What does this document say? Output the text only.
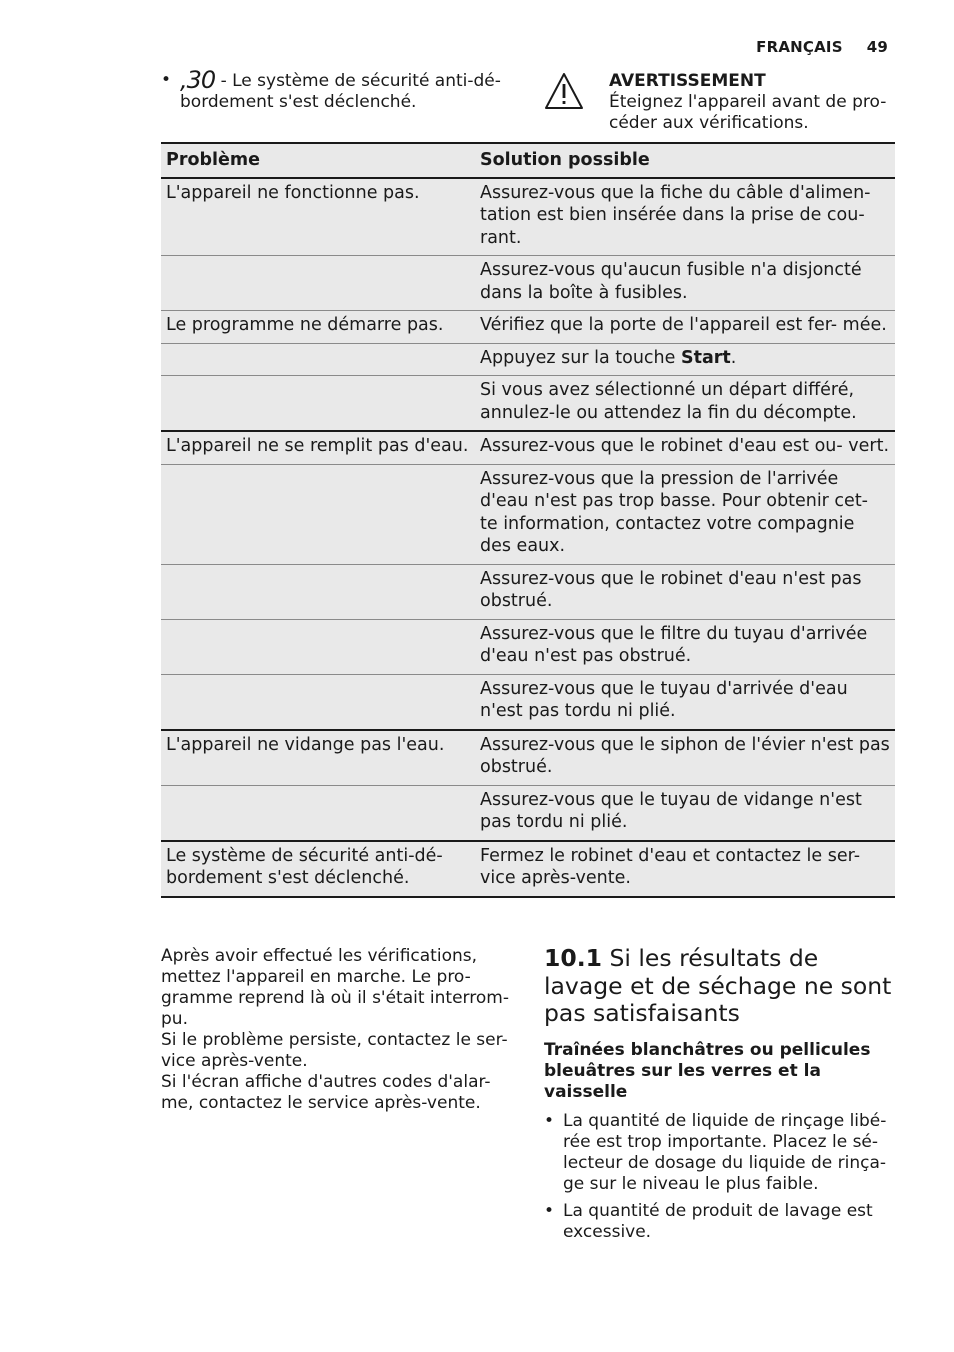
FRANÇAIS 49
• ,30 - Le système de sécurité anti-dé- bordement s'est déclenché.
AVERTISSEMENT
Éteignez l'appareil avant de pro- céder aux vérifications.
Problème	Solution possible
L'appareil ne fonctionne pas.	Assurez-vous que la fiche du câble d'alimen- tation est bien insérée dans la prise de cou- rant.
	Assurez-vous qu'aucun fusible n'a disjoncté dans la boîte à fusibles.
Le programme ne démarre pas.	Vérifiez que la porte de l'appareil est fer- mée.
	Appuyez sur la touche Start.
	Si vous avez sélectionné un départ différé, annulez-le ou attendez la fin du décompte.
L'appareil ne se remplit pas d'eau.	Assurez-vous que le robinet d'eau est ou- vert.
	Assurez-vous que la pression de l'arrivée d'eau n'est pas trop basse. Pour obtenir cet- te information, contactez votre compagnie des eaux.
	Assurez-vous que le robinet d'eau n'est pas obstrué.
	Assurez-vous que le filtre du tuyau d'arrivée d'eau n'est pas obstrué.
	Assurez-vous que le tuyau d'arrivée d'eau n'est pas tordu ni plié.
L'appareil ne vidange pas l'eau.	Assurez-vous que le siphon de l'évier n'est pas obstrué.
	Assurez-vous que le tuyau de vidange n'est pas tordu ni plié.
Le système de sécurité anti-dé- bordement s'est déclenché.	Fermez le robinet d'eau et contactez le ser- vice après-vente.

Après avoir effectué les vérifications, mettez l'appareil en marche. Le pro- gramme reprend là où il s'était interrom- pu.

Si le problème persiste, contactez le ser- vice après-vente.

Si l'écran affiche d'autres codes d'alar- me, contactez le service après-vente.

10.1 Si les résultats de lavage et de séchage ne sont pas satisfaisants
Traînées blanchâtres ou pellicules bleuâtres sur les verres et la vaisselle
• La quantité de liquide de rinçage libé- rée est trop importante. Placez le sé- lecteur de dosage du liquide de rinça- ge sur le niveau le plus faible.
• La quantité de produit de lavage est excessive.
